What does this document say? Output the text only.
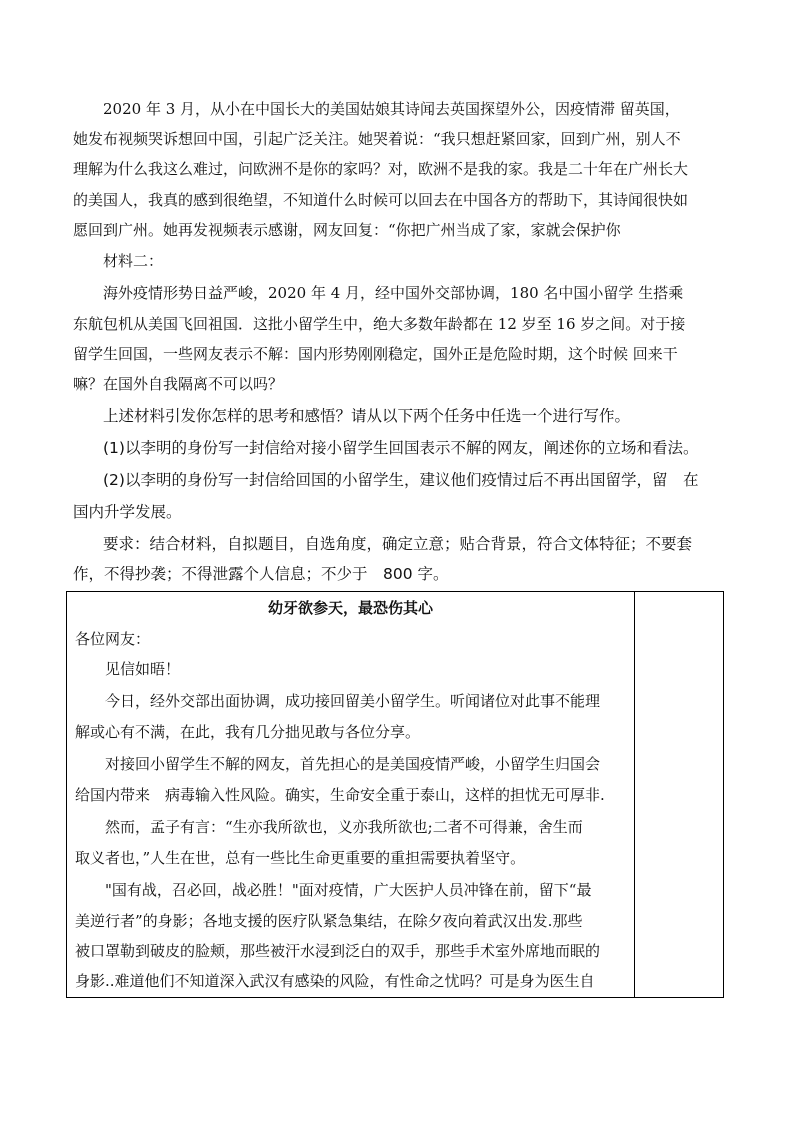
2020 年 3 月，从小在中国长大的美国姑娘其诗闻去英国探望外公，因疫情滞 留英国，
她发布视频哭诉想回中国，引起广泛关注。她哭着说：“我只想赶紧回家，回到广州，别人不
理解为什么我这么难过，问欧洲不是你的家吗？对，欧洲不是我的家。我是二十年在广州长大
的美国人，我真的感到很绝望，不知道什么时候可以回去在中国各方的帮助下，其诗闻很快如
愿回到广州。她再发视频表示感谢，网友回复：“你把广州当成了家，家就会保护你
材料二：
海外疫情形势日益严峻，2020 年 4 月，经中国外交部协调，180 名中国小留学 生搭乘
东航包机从美国飞回祖国．这批小留学生中，绝大多数年龄都在 12 岁至 16 岁之间。对于接
留学生回国，一些网友表示不解：国内形势刚刚稳定，国外正是危险时期，这个时候 回来干
嘛？在国外自我隔离不可以吗？
上述材料引发你怎样的思考和感悟？请从以下两个任务中任选一个进行写作。
(1)以李明的身份写一封信给对接小留学生回国表示不解的网友，阐述你的立场和看法。
(2)以李明的身份写一封信给回国的小留学生，建议他们疫情过后不再出国留学，留　在
国内升学发展。
要求：结合材料，自拟题目，自选角度，确定立意；贴合背景，符合文体特征；不要套
作，不得抄袭；不得泄露个人信息；不少于　800 字。
幼牙欲参天，最恐伤其心
各位网友：
见信如晤！
今日，经外交部出面协调，成功接回留美小留学生。听闻诸位对此事不能理
解或心有不满，在此，我有几分拙见敢与各位分享。
对接回小留学生不解的网友，首先担心的是美国疫情严峻，小留学生归国会
给国内带来　病毒输入性风险。确实，生命安全重于泰山，这样的担忧无可厚非.
然而，孟子有言：“生亦我所欲也，义亦我所欲也;二者不可得兼，舍生而
取义者也，”人生在世，总有一些比生命更重要的重担需要执着坚守。
"国有战，召必回，战必胜！"面对疫情，广大医护人员冲锋在前，留下“最
美逆行者”的身影；各地支援的医疗队紧急集结，在除夕夜向着武汉出发.那些
被口罩勒到破皮的脸颊，那些被汗水浸到泛白的双手，那些手术室外席地而眠的
身影..难道他们不知道深入武汉有感染的风险，有性命之忧吗？可是身为医生自
